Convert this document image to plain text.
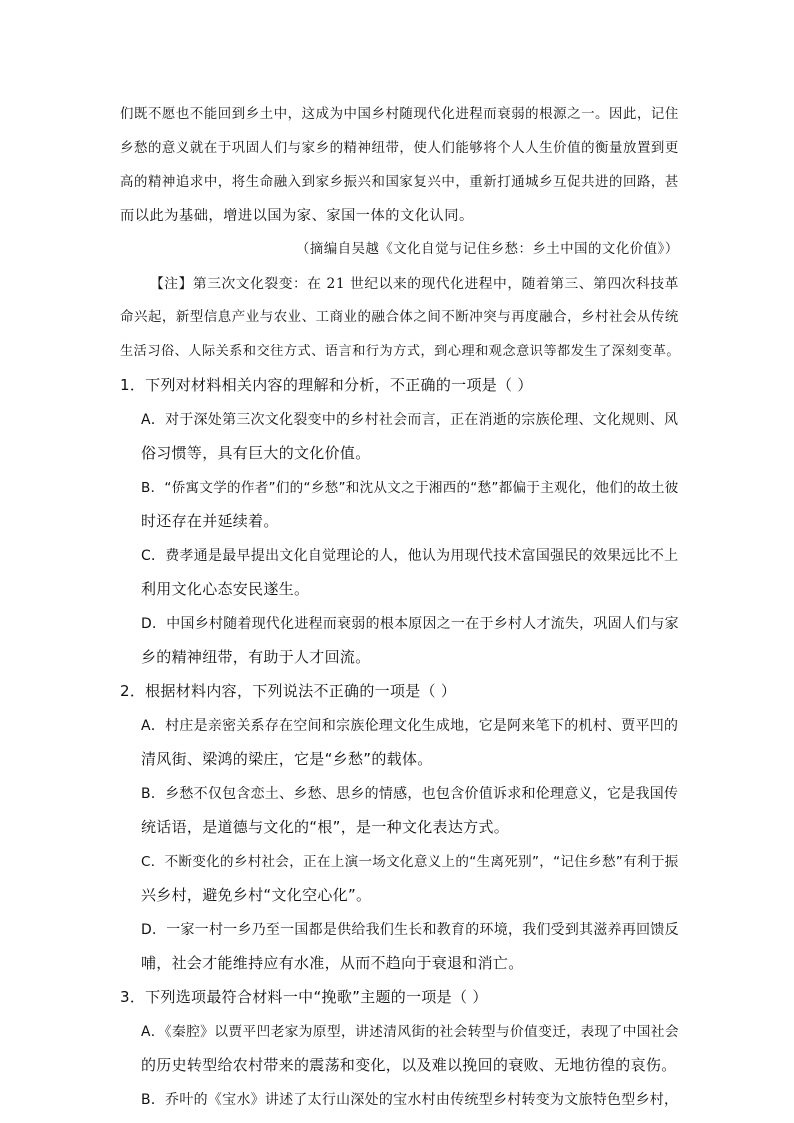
们既不愿也不能回到乡土中，这成为中国乡村随现代化进程而衰弱的根源之一。因此，记住
乡愁的意义就在于巩固人们与家乡的精神纽带，使人们能够将个人人生价值的衡量放置到更
高的精神追求中，将生命融入到家乡振兴和国家复兴中，重新打通城乡互促共进的回路，甚
而以此为基础，增进以国为家、家国一体的文化认同。
（摘编自吴越《文化自觉与记住乡愁：乡土中国的文化价值》）
【注】第三次文化裂变：在 21 世纪以来的现代化进程中，随着第三、第四次科技革
命兴起，新型信息产业与农业、工商业的融合体之间不断冲突与再度融合，乡村社会从传统
生活习俗、人际关系和交往方式、语言和行为方式，到心理和观念意识等都发生了深刻变革。
1．下列对材料相关内容的理解和分析，不正确的一项是（ ）
A．对于深处第三次文化裂变中的乡村社会而言，正在消逝的宗族伦理、文化规则、风
俗习惯等，具有巨大的文化价值。
B．“侨寓文学的作者”们的“乡愁”和沈从文之于湘西的“愁”都偏于主观化，他们的故土彼
时还存在并延续着。
C．费孝通是最早提出文化自觉理论的人，他认为用现代技术富国强民的效果远比不上
利用文化心态安民遂生。
D．中国乡村随着现代化进程而衰弱的根本原因之一在于乡村人才流失，巩固人们与家
乡的精神纽带，有助于人才回流。
2．根据材料内容，下列说法不正确的一项是（ ）
A．村庄是亲密关系存在空间和宗族伦理文化生成地，它是阿来笔下的机村、贾平凹的
清风街、梁鸿的梁庄，它是“乡愁”的载体。
B．乡愁不仅包含恋土、乡愁、思乡的情感，也包含价值诉求和伦理意义，它是我国传
统话语，是道德与文化的“根”，是一种文化表达方式。
C．不断变化的乡村社会，正在上演一场文化意义上的“生离死别”，“记住乡愁”有利于振
兴乡村，避免乡村“文化空心化”。
D．一家一村一乡乃至一国都是供给我们生长和教育的环境，我们受到其滋养再回馈反
哺，社会才能维持应有水准，从而不趋向于衰退和消亡。
3．下列选项最符合材料一中“挽歌”主题的一项是（ ）
A．《秦腔》以贾平凹老家为原型，讲述清风街的社会转型与价值变迁，表现了中国社会
的历史转型给农村带来的震荡和变化，以及难以挽回的衰败、无地彷徨的哀伤。
B．乔叶的《宝水》讲述了太行山深处的宝水村由传统型乡村转变为文旅特色型乡村，
